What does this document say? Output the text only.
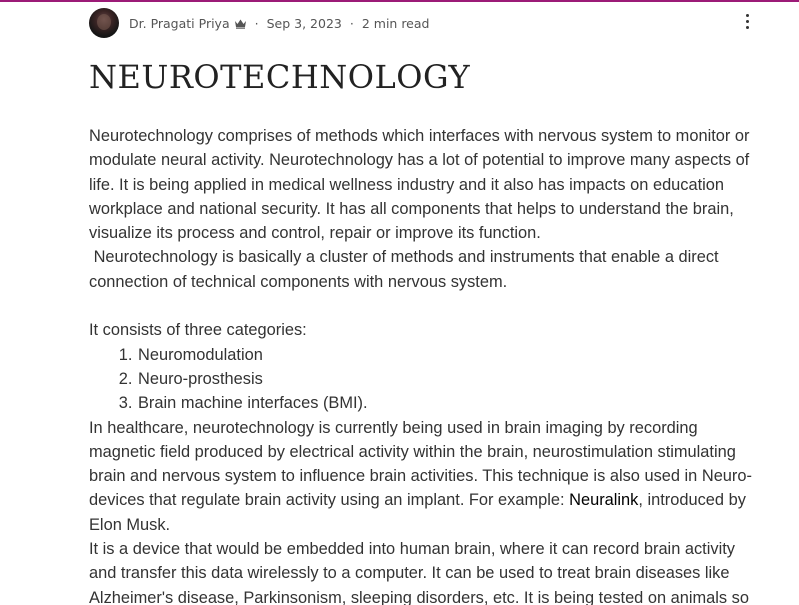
Dr. Pragati Priya · Sep 3, 2023 · 2 min read
NEUROTECHNOLOGY

Neurotechnology comprises of methods which interfaces with nervous system to monitor or modulate neural activity. Neurotechnology has a lot of potential to improve many aspects of life. It is being applied in medical wellness industry and it also has impacts on education workplace and national security. It has all components that helps to understand the brain, visualize its process and control, repair or improve its function.

Neurotechnology is basically a cluster of methods and instruments that enable a direct connection of technical components with nervous system.

It consists of three categories:

1. Neuromodulation
2. Neuro-prosthesis
3. Brain machine interfaces (BMI).

In healthcare, neurotechnology is currently being used in brain imaging by recording magnetic field produced by electrical activity within the brain, neurostimulation stimulating brain and nervous system to influence brain activities. This technique is also used in Neuro-devices that regulate brain activity using an implant. For example: Neuralink, introduced by Elon Musk.

It is a device that would be embedded into human brain, where it can record brain activity and transfer this data wirelessly to a computer. It can be used to treat brain diseases like Alzheimer's disease, Parkinsonism, sleeping disorders, etc. It is being tested on animals so
